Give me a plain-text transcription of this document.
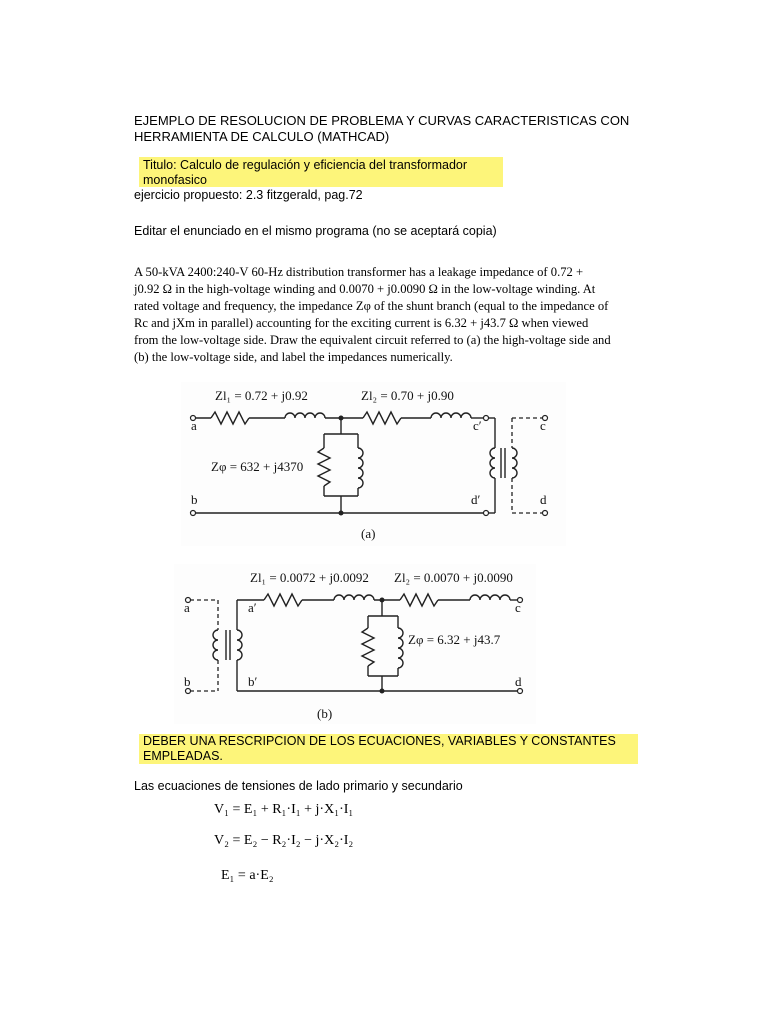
EJEMPLO DE RESOLUCION DE PROBLEMA Y CURVAS CARACTERISTICAS CON HERRAMIENTA DE CALCULO (MATHCAD)
Titulo: Calculo de regulación y eficiencia del transformador monofasico
ejercicio propuesto: 2.3 fitzgerald, pag.72
Editar el enunciado en el mismo programa (no se aceptará copia)

A 50-kVA 2400:240-V 60-Hz distribution transformer has a leakage impedance of 0.72 +

j0.92 Ω in the high-voltage winding and 0.0070 + j0.0090 Ω in the low-voltage winding. At

rated voltage and frequency, the impedance Zφ of the shunt branch (equal to the impedance of

Rc and jXm in parallel) accounting for the exciting current is 6.32 + j43.7 Ω when viewed

from the low-voltage side. Draw the equivalent circuit referred to (a) the high-voltage side and

(b) the low-voltage side, and label the impedances numerically.

Zl₁ = 0.72 + j0.92	Zl₂ = 0.70 + j0.90
Zφ = 632 + j4370
a
b
c′
d′
c
d
(a)
Zl₁ = 0.0072 + j0.0092 Zl₂ = 0.0070 + j0.0090
Zφ = 6.32 + j43.7
a	a′
b	b′
c
d
(b)
DEBER UNA RESCRIPCION DE LOS ECUACIONES, VARIABLES Y CONSTANTES EMPLEADAS.
Las ecuaciones de tensiones de lado primario y secundario
V₁ = E₁ + R₁·I₁ + j·X₁·I₁
V₂ = E₂ − R₂·I₂ − j·X₂·I₂
E₁ = a·E₂
